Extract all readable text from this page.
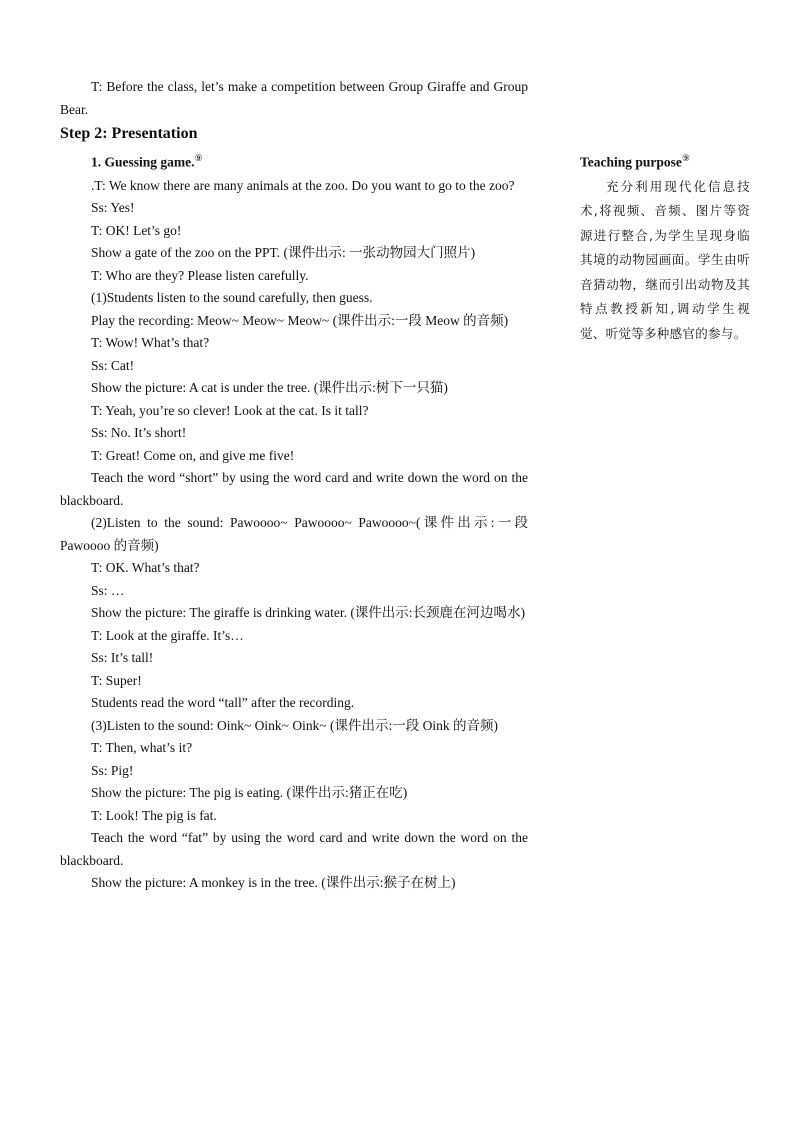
T: Before the class, let’s make a competition between Group Giraffe and Group Bear.

Step 2: Presentation

1. Guessing game.⑨

.T: We know there are many animals at the zoo. Do you want to go to the zoo?

Ss: Yes!

T: OK! Let’s go!

Show a gate of the zoo on the PPT. (课件出示: 一张动物园大门照片)

T: Who are they? Please listen carefully.

(1)Students listen to the sound carefully, then guess.

Play the recording: Meow~ Meow~ Meow~ (课件出示:一段 Meow 的音频)

T: Wow! What’s that?

Ss: Cat!

Show the picture: A cat is under the tree. (课件出示:树下一只猫)

T: Yeah, you’re so clever! Look at the cat. Is it tall?

Ss: No. It’s short!

T: Great! Come on, and give me five!

Teach the word “short” by using the word card and write down the word on the blackboard.

(2)Listen to the sound: Pawoooo~ Pawoooo~ Pawoooo~(课件出示:一段 Pawoooo 的音频)

T: OK. What’s that?

Ss: …

Show the picture: The giraffe is drinking water. (课件出示:长颈鹿在河边喝水)

T: Look at the giraffe. It’s…

Ss: It’s tall!

T: Super!

Students read the word “tall” after the recording.

(3)Listen to the sound: Oink~ Oink~ Oink~ (课件出示:一段 Oink 的音频)

T: Then, what’s it?

Ss: Pig!

Show the picture: The pig is eating. (课件出示:猪正在吃)

T: Look! The pig is fat.

Teach the word “fat” by using the word card and write down the word on the blackboard.

Show the picture: A monkey is in the tree. (课件出示:猴子在树上)

Teaching purpose⑨

充分利用现代化信息技术,将视频、音频、图片等资源进行整合,为学生呈现身临其境的动物园画面。学生由听音猜动物，继而引出动物及其特点教授新知,调动学生视觉、听觉等多种感官的参与。
